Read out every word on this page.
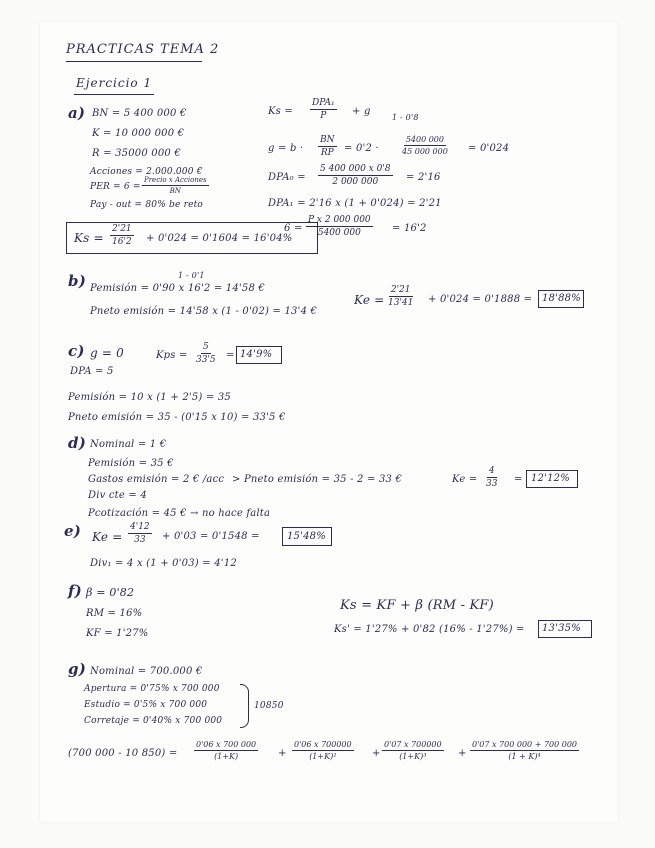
PRACTICAS TEMA 2
Ejercicio 1
a) BN = 5 400 000 €
K = 10 000 000 €
R = 35000 000 €
Acciones = 2.000.000 €
PER = 6 =
Precio x Acciones
BN
Pay - out = 80% be reto
Ks =
DPA₁
P	+ g
1 - 0'8
$g = b \cdot \frac{BN}{RP} = 0'2$ ·	$\frac{5400 000}{45 000 000} = 0'024$
$DPA_0 = \frac{5 400 000 x 0'8}{2 000 000} = 2'16$
DPA₁ = 2'16 x (1 + 0'024) = 2'21
$6 = \frac{\text{P x 2 000 000}}{5400 000} = 16'2$
$Ks = \frac{2'21}{16'2} + 0'024 = 0'1604 = 16'04\%$
b) Pemisión = 0'90 x 16'2 = 14'58 €
1 - 0'1
Pneto emisión = 14'58 x (1 - 0'02) = 13'4 €
$Ke = \frac{2'21}{13'41} + 0'024 = 0'1888 = 18'88\%$
c) g = 0
DPA = 5
Kps = $\frac{5}{33'5} = 14'9\%$
Pemisión = 10 x (1 + 2'5) = 35
Pneto emisión = 35 - (0'15 x 10) = 33'5 €
d) Nominal = 1 €
Pemisión = 35 €
Gastos emisión = 2 € /acc
Div cte = 4
Pcotización = 45 € → no hace falta
> Pneto emisión = 35 - 2 = 33 €	$Ke = \frac{4}{33} = 12'12\%$
e) $Ke = \frac{4'12}{33} + 0'03 = 0'1548$ =	15'48%
Div₁ = 4 x (1 + 0'03) = 4'12
f) β = 0'82
RM = 16%
KF = 1'27%
Ks = KF + β (RM - KF)
Ks' = 1'27% + 0'82 (16% - 1'27%) = 13'35%
g) Nominal = 700.000 €
Apertura = 0'75% x 700 000
Estudio = 0'5% x 700 000
Corretaje = 0'40% x 700 000
10850
(700 000 - 10 $850) = \frac{0'06 x 700 000}{(1+K)} + \frac{0'06 x 700000}{\text{(1+K)²}} + \frac{0'07 x 700000}{\text{(1+K)³}} + \frac{0'07 x 700 000 + 700 000}{\text{(1 + K)⁴}}$
